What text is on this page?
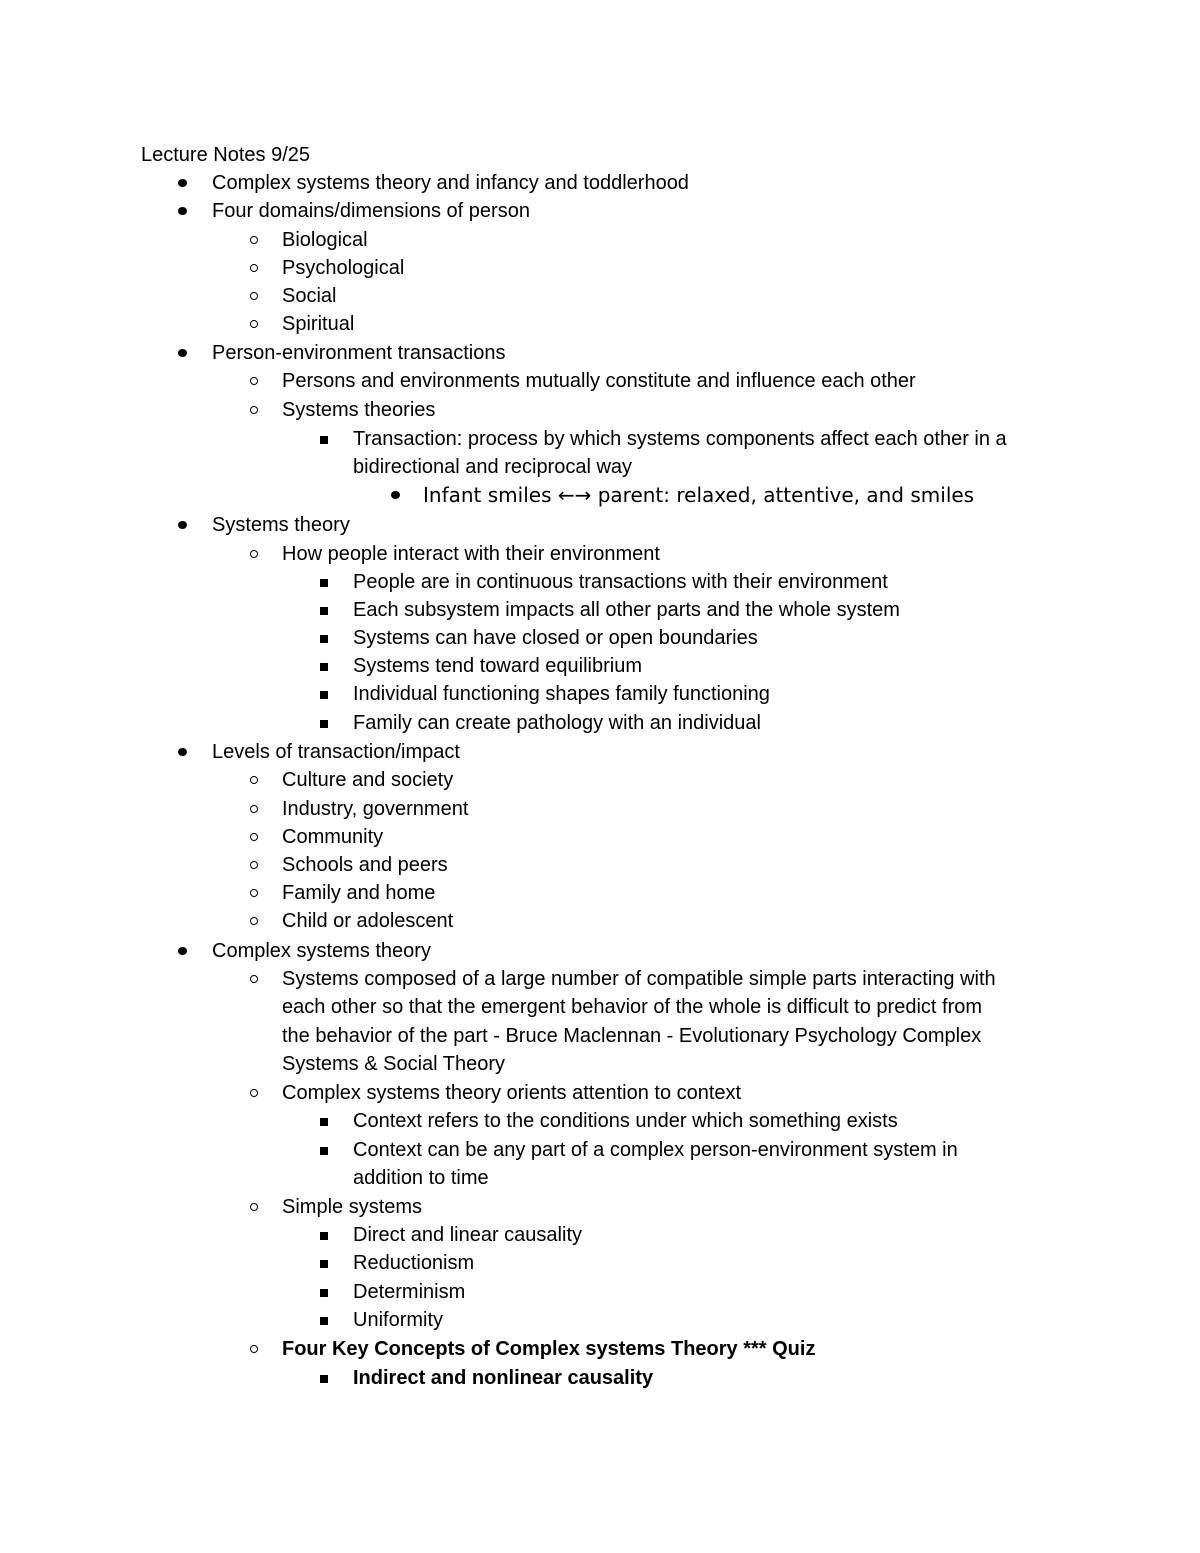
Lecture Notes 9/25
Complex systems theory and infancy and toddlerhood
Four domains/dimensions of person
Biological
Psychological
Social
Spiritual
Person-environment transactions
Persons and environments mutually constitute and influence each other
Systems theories
Transaction: process by which systems components affect each other in a
bidirectional and reciprocal way
Infant smiles ←→ parent: relaxed, attentive, and smiles
Systems theory
How people interact with their environment
People are in continuous transactions with their environment
Each subsystem impacts all other parts and the whole system
Systems can have closed or open boundaries
Systems tend toward equilibrium
Individual functioning shapes family functioning
Family can create pathology with an individual
Levels of transaction/impact
Culture and society
Industry, government
Community
Schools and peers
Family and home
Child or adolescent
Complex systems theory
Systems composed of a large number of compatible simple parts interacting with
each other so that the emergent behavior of the whole is difficult to predict from
the behavior of the part - Bruce Maclennan - Evolutionary Psychology Complex
Systems & Social Theory
Complex systems theory orients attention to context
Context refers to the conditions under which something exists
Context can be any part of a complex person-environment system in
addition to time
Simple systems
Direct and linear causality
Reductionism
Determinism
Uniformity
Four Key Concepts of Complex systems Theory *** Quiz
Indirect and nonlinear causality
